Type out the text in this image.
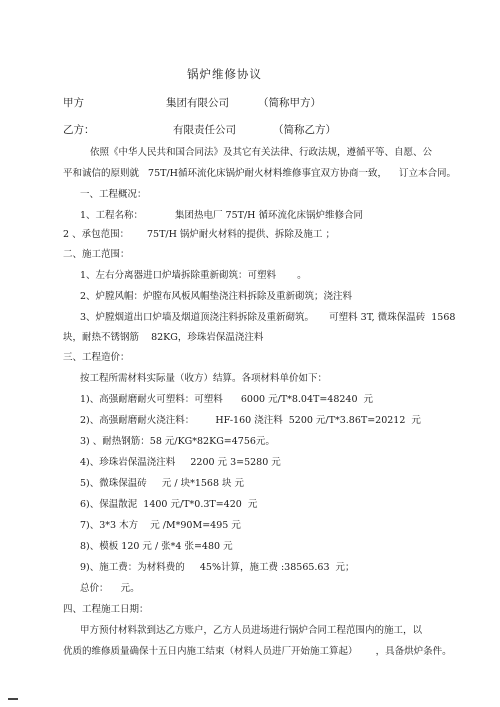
锅炉维修协议
甲方	集团有限公司	（简称甲方）
乙方：	有限责任公司	（简称乙方）
依照《中华人民共和国合同法》及其它有关法律、行政法规，遵循平等、自愿、公
平和诚信的原则就   75T/H循环流化床锅炉耐火材料维修事宜双方协商一致，    订立本合同。
一、工程概况：
1、工程名称：	集团热电厂 75T/H 循环流化床锅炉维修合同
2 、承包范围： 75T/H 锅炉耐火材料的提供、拆除及施工 ；
二、施工范围：
1、左右分离器进口炉墙拆除重新砌筑：可塑料       。
2、炉膛风帽：炉膛布风板风帽垫浇注料拆除及重新砌筑；浇注料
3、炉膛烟道出口炉墙及烟道顶浇注料拆除及重新砌筑。     可塑料 3T, 微珠保温砖  1568
块，耐热不锈钢筋    82KG，珍珠岩保温浇注料
三、工程造价：
按工程所需材料实际量（收方）结算。各项材料单价如下：
1)、高强耐磨耐火可塑料：可塑料      6000 元/T*8.04T=48240  元
2)、高强耐磨耐火浇注料：       HF-160 浇注料  5200 元/T*3.86T=20212  元
3) 、耐热钢筋：58 元/KG*82KG=4756元。
4)、珍珠岩保温浇注料     2200 元 3=5280 元
5)、微珠保温砖     元 / 块*1568 块 元
6)、保温散泥  1400 元/T*0.3T=420  元
7)、3*3 木方    元 /M*90M=495 元
8)、模板 120 元 / 张*4 张=480 元
9)、施工费：为材料费的     45%计算，施工费 :38565.63  元；
总价：    元。
四、工程施工日期：
甲方预付材料款到达乙方账户，乙方人员进场进行锅炉合同工程范围内的施工，以
优质的维修质量确保十五日内施工结束（材料人员进厂开始施工算起）      ，具备烘炉条件。
